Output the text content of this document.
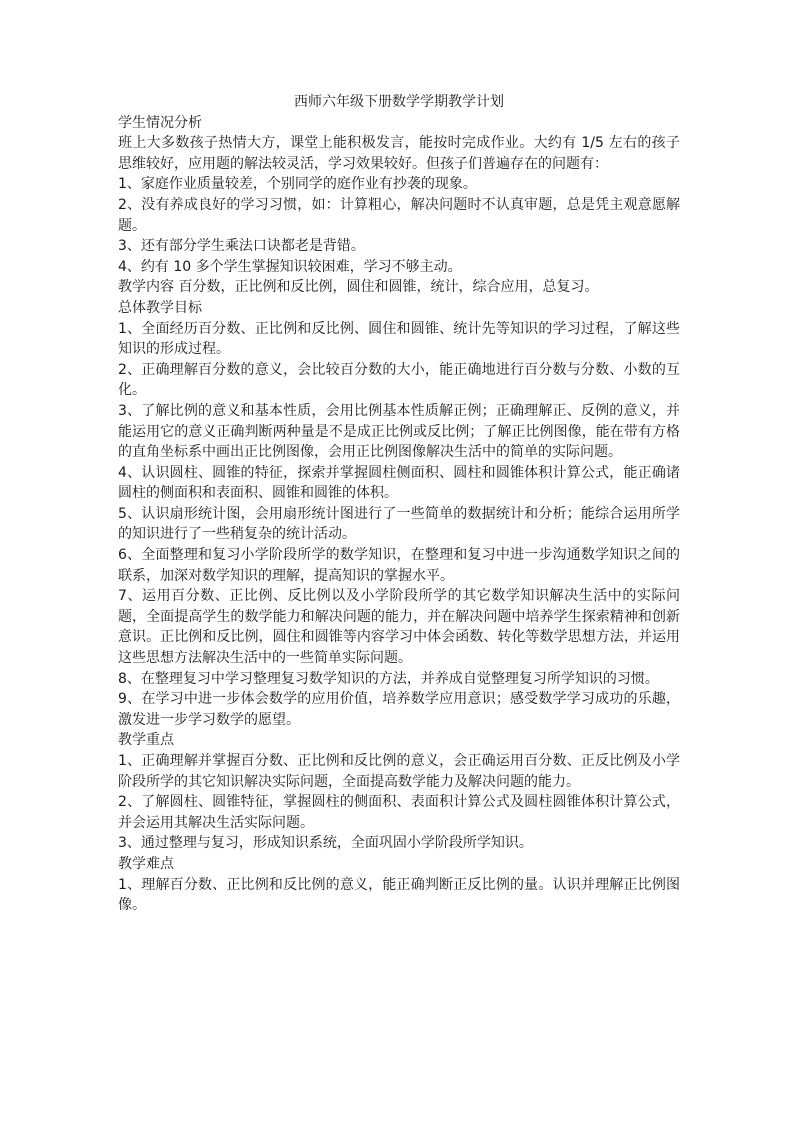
西师六年级下册数学学期教学计划

学生情况分析

班上大多数孩子热情大方，课堂上能积极发言，能按时完成作业。大约有 1/5 左右的孩子思维较好，应用题的解法较灵活，学习效果较好。但孩子们普遍存在的问题有：

1、家庭作业质量较差，个别同学的庭作业有抄袭的现象。

2、没有养成良好的学习习惯，如：计算粗心，解决问题时不认真审题，总是凭主观意愿解题。

3、还有部分学生乘法口诀都老是背错。

4、约有 10 多个学生掌握知识较困难，学习不够主动。

教学内容 百分数，正比例和反比例，圆住和圆锥，统计，综合应用，总复习。

总体教学目标

1、全面经历百分数、正比例和反比例、圆住和圆锥、统计先等知识的学习过程，了解这些知识的形成过程。

2、正确理解百分数的意义，会比较百分数的大小，能正确地进行百分数与分数、小数的互化。

3、了解比例的意义和基本性质，会用比例基本性质解正例；正确理解正、反例的意义，并能运用它的意义正确判断两种量是不是成正比例或反比例；了解正比例图像，能在带有方格的直角坐标系中画出正比例图像，会用正比例图像解决生活中的简单的实际问题。

4、认识圆柱、圆锥的特征，探索并掌握圆柱侧面积、圆柱和圆锥体积计算公式，能正确诸圆柱的侧面积和表面积、圆锥和圆锥的体积。

5、认识扇形统计图，会用扇形统计图进行了一些简单的数据统计和分析；能综合运用所学的知识进行了一些稍复杂的统计活动。

6、全面整理和复习小学阶段所学的数学知识，在整理和复习中进一步沟通数学知识之间的联系，加深对数学知识的理解，提高知识的掌握水平。

7、运用百分数、正比例、反比例以及小学阶段所学的其它数学知识解决生活中的实际问题，全面提高学生的数学能力和解决问题的能力，并在解决问题中培养学生探索精神和创新意识。正比例和反比例，圆住和圆锥等内容学习中体会函数、转化等数学思想方法，并运用这些思想方法解决生活中的一些简单实际问题。

8、在整理复习中学习整理复习数学知识的方法，并养成自觉整理复习所学知识的习惯。

9、在学习中进一步体会数学的应用价值，培养数学应用意识；感受数学学习成功的乐趣，激发进一步学习数学的愿望。

教学重点

1、正确理解并掌握百分数、正比例和反比例的意义，会正确运用百分数、正反比例及小学阶段所学的其它知识解决实际问题，全面提高数学能力及解决问题的能力。

2、了解圆柱、圆锥特征，掌握圆柱的侧面积、表面积计算公式及圆柱圆锥体积计算公式，并会运用其解决生活实际问题。

3、通过整理与复习，形成知识系统，全面巩固小学阶段所学知识。

教学难点

1、理解百分数、正比例和反比例的意义，能正确判断正反比例的量。认识并理解正比例图像。
